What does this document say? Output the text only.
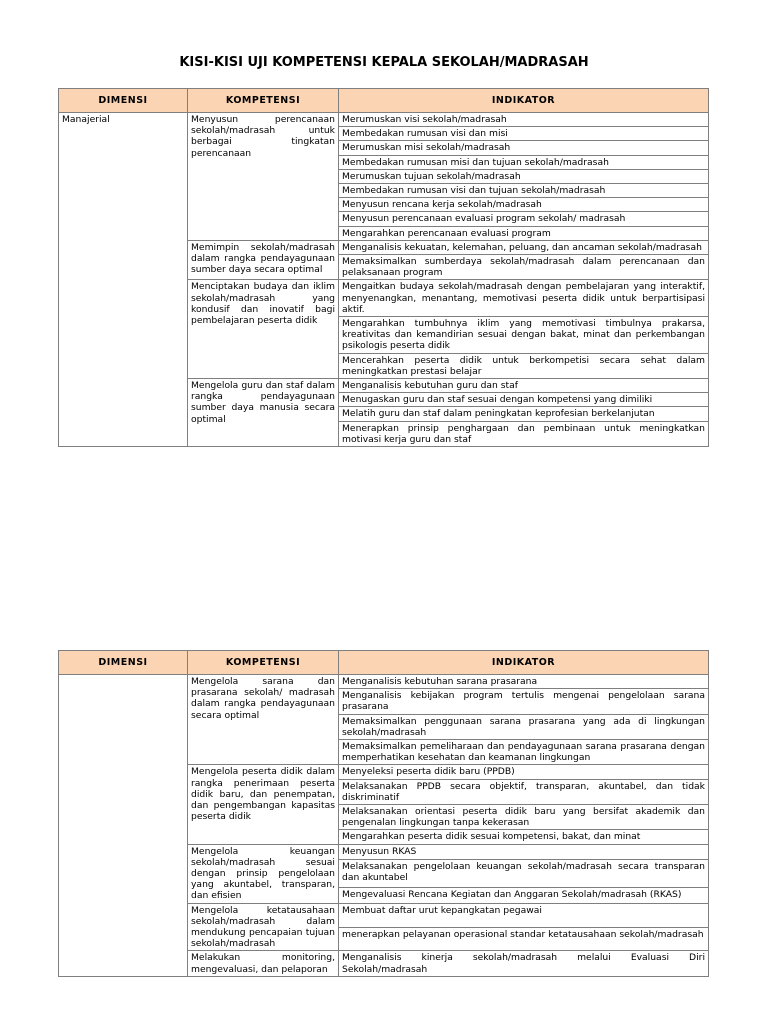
KISI-KISI UJI KOMPETENSI KEPALA SEKOLAH/MADRASAH
DIMENSI	KOMPETENSI	INDIKATOR
Manajerial	Menyusun perencanaan sekolah/madrasah untuk berbagai tingkatan perencanaan	Merumuskan visi sekolah/madrasah
		Membedakan rumusan visi dan misi
		Merumuskan misi sekolah/madrasah
		Membedakan rumusan misi dan tujuan sekolah/madrasah
		Merumuskan tujuan sekolah/madrasah
		Membedakan rumusan visi dan tujuan sekolah/madrasah
		Menyusun rencana kerja sekolah/madrasah
		Menyusun perencanaan evaluasi program sekolah/ madrasah
		Mengarahkan perencanaan evaluasi program
	Memimpin sekolah/madrasah dalam rangka pendayagunaan sumber daya secara optimal	Menganalisis kekuatan, kelemahan, peluang, dan ancaman sekolah/madrasah
		Memaksimalkan sumberdaya sekolah/madrasah dalam perencanaan dan pelaksanaan program
	Menciptakan budaya dan iklim sekolah/madrasah yang kondusif dan inovatif bagi pembelajaran peserta didik	Mengaitkan budaya sekolah/madrasah dengan pembelajaran yang interaktif, menyenangkan, menantang, memotivasi peserta didik untuk berpartisipasi aktif.
		Mengarahkan tumbuhnya iklim yang memotivasi timbulnya prakarsa, kreativitas dan kemandirian sesuai dengan bakat, minat dan perkembangan psikologis peserta didik
		Mencerahkan peserta didik untuk berkompetisi secara sehat dalam meningkatkan prestasi belajar
	Mengelola guru dan staf dalam rangka pendayagunaan sumber daya manusia secara optimal	Menganalisis kebutuhan guru dan staf
		Menugaskan guru dan staf sesuai dengan kompetensi yang dimiliki
		Melatih guru dan staf dalam peningkatan keprofesian berkelanjutan
		Menerapkan prinsip penghargaan dan pembinaan untuk meningkatkan motivasi kerja guru dan staf
DIMENSI	KOMPETENSI	INDIKATOR
	Mengelola sarana dan prasarana sekolah/ madrasah dalam rangka pendayagunaan secara optimal	Menganalisis kebutuhan sarana prasarana
		Menganalisis kebijakan program tertulis mengenai pengelolaan sarana prasarana
		Memaksimalkan penggunaan sarana prasarana yang ada di lingkungan sekolah/madrasah
		Memaksimalkan pemeliharaan dan pendayagunaan sarana prasarana dengan memperhatikan kesehatan dan keamanan lingkungan
	Mengelola peserta didik dalam rangka penerimaan peserta didik baru, dan penempatan, dan pengembangan kapasitas peserta didik	Menyeleksi peserta didik baru (PPDB)
		Melaksanakan PPDB secara objektif, transparan, akuntabel, dan tidak diskriminatif
		Melaksanakan orientasi peserta didik baru yang bersifat akademik dan pengenalan lingkungan tanpa kekerasan
		Mengarahkan peserta didik sesuai kompetensi, bakat, dan minat
	Mengelola keuangan sekolah/madrasah sesuai dengan prinsip pengelolaan yang akuntabel, transparan, dan efisien	Menyusun RKAS
		Melaksanakan pengelolaan keuangan sekolah/madrasah secara transparan dan akuntabel
		Mengevaluasi Rencana Kegiatan dan Anggaran Sekolah/madrasah (RKAS)
	Mengelola ketatausahaan sekolah/madrasah dalam mendukung pencapaian tujuan sekolah/madrasah	Membuat daftar urut kepangkatan pegawai
		menerapkan pelayanan operasional standar ketatausahaan sekolah/madrasah
	Melakukan monitoring, mengevaluasi, dan pelaporan	Menganalisis kinerja sekolah/madrasah melalui Evaluasi Diri Sekolah/madrasah
